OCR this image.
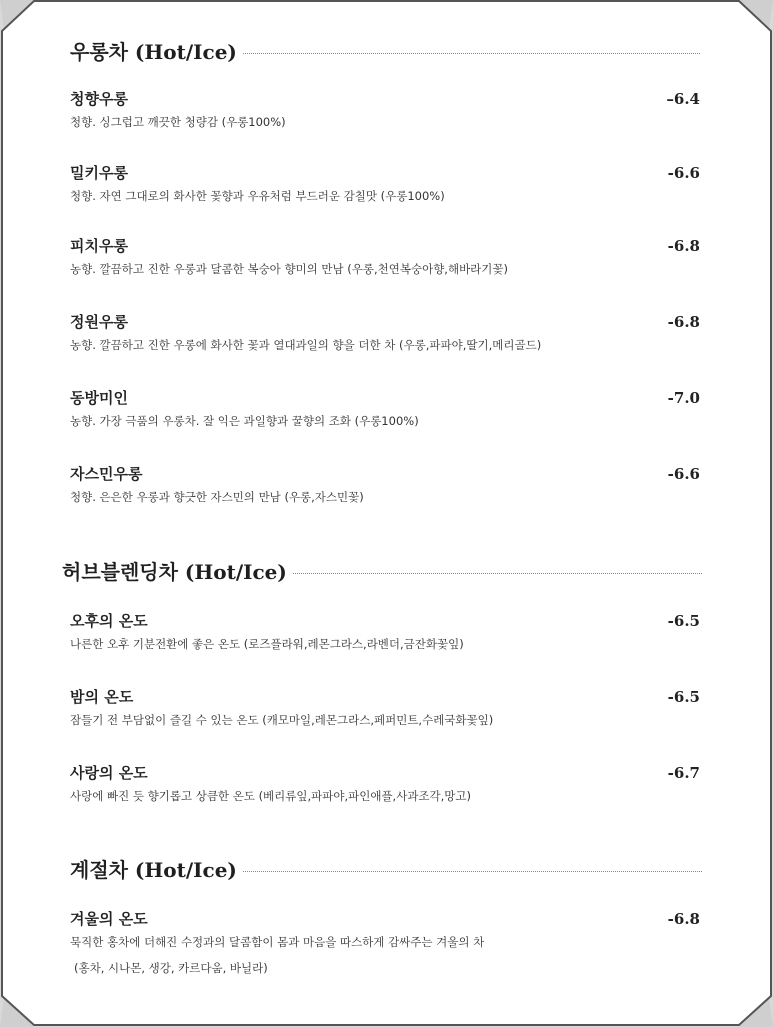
우롱차 (Hot/Ice)
청향우롱	–6.4
청향. 싱그럽고 깨끗한 청량감 (우롱100%)
밀키우롱	-6.6
청향. 자연 그대로의 화사한 꽃향과 우유처럼 부드러운 감칠맛 (우롱100%)
피치우롱	-6.8
농향. 깔끔하고 진한 우롱과 달콤한 복숭아 향미의 만남 (우롱,천연복숭아향,해바라기꽃)
정원우롱	-6.8
농향. 깔끔하고 진한 우롱에 화사한 꽃과 열대과일의 향을 더한 차 (우롱,파파야,딸기,메리골드)
동방미인	-7.0
농향. 가장 극품의 우롱차. 잘 익은 과일향과 꿀향의 조화 (우롱100%)
자스민우롱	-6.6
청향. 은은한 우롱과 향긋한 자스민의 만남 (우롱,자스민꽃)
허브블렌딩차 (Hot/Ice)
오후의 온도	-6.5
나른한 오후 기분전환에 좋은 온도 (로즈플라워,레몬그라스,라벤더,금잔화꽃잎)
밤의 온도	-6.5
잠들기 전 부담없이 즐길 수 있는 온도 (캐모마일,레몬그라스,페퍼민트,수레국화꽃잎)
사랑의 온도	-6.7
사랑에 빠진 듯 향기롭고 상큼한 온도 (베리류잎,파파야,파인애플,사과조각,망고)
계절차 (Hot/Ice)
겨울의 온도	-6.8
묵직한 홍차에 더해진 수정과의 달콤함이 몸과 마음을 따스하게 감싸주는 겨울의 차
(홍차, 시나몬, 생강, 카르다움, 바닐라)
